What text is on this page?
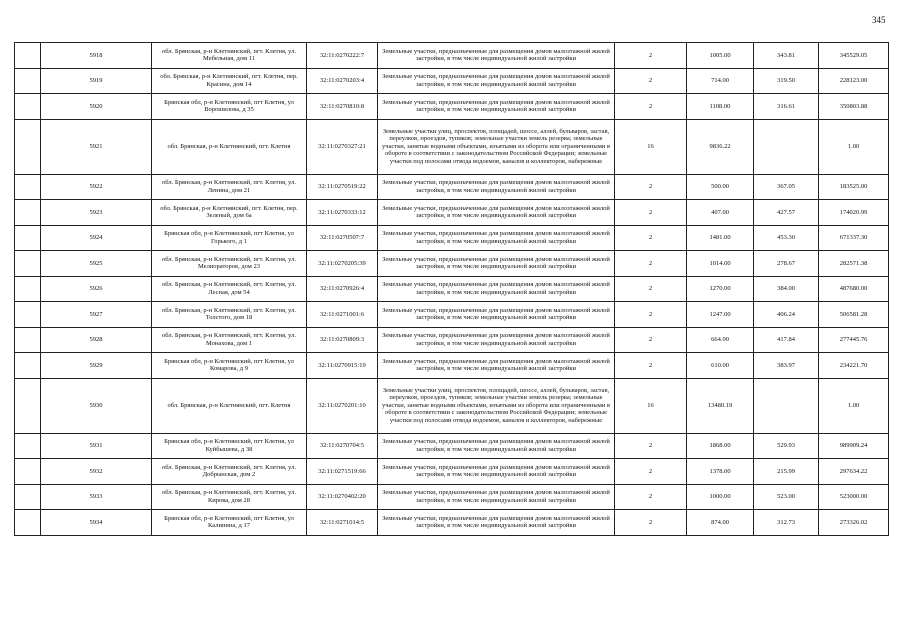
345
	5918	обл. Брянская, р-н Клетнянский, пгт. Клетня, ул. Мебельная, дом 11	32:11:0270222:7	Земельные участки, предназначенные для размещения домов малоэтажной жилой застройки, в том числе индивидуальной жилой застройки	2	1005.00	343.81	345529.05
	5919	обл. Брянская, р-н Клетнянский, пгт. Клетня, пер. Красина, дом 14	32:11:0270203:4	Земельные участки, предназначенные для размещения домов малоэтажной жилой застройки, в том числе индивидуальной жилой застройки	2	714.00	319.50	228123.00
	5920	Брянская обл, р-н Клетнянский, пгт Клетня, ул Ворошилова, д 35	32:11:0270810:8	Земельные участки, предназначенные для размещения домов малоэтажной жилой застройки, в том числе индивидуальной жилой застройки	2	1108.00	316.61	350803.88
	5921	обл. Брянская, р-н Клетнянский, пгт. Клетня	32:11:0270327:21	Земельные участки улиц, проспектов, площадей, шоссе, аллей, бульваров, застав, переулков, проездов, тупиков; земельные участки земель резерва; земельные участки, занятые водными объектами, изъятыми из оборота или ограниченными в обороте в соответствии с законодательством Российской Федерации; земельные участки под полосами отвода водоемов, каналов и коллекторов, набережные	16	9836.22		1.00
	5922	обл. Брянская, р-н Клетнянский, пгт. Клетня, ул. Ленина, дом 21	32:11:0270519:22	Земельные участки, предназначенные для размещения домов малоэтажной жилой застройки, в том числе индивидуальной жилой застройки	2	500.00	367.05	183525.00
	5923	обл. Брянская, р-н Клетнянский, пгт. Клетня, пер. Зеленый, дом 6а	32:11:0270333:12	Земельные участки, предназначенные для размещения домов малоэтажной жилой застройки, в том числе индивидуальной жилой застройки	2	407.00	427.57	174020.99
	5924	Брянская обл, р-н Клетнянский, пгт Клетня, ул Горького, д 1	32:11:0270507:7	Земельные участки, предназначенные для размещения домов малоэтажной жилой застройки, в том числе индивидуальной жилой застройки	2	1481.00	453.30	671337.30
	5925	обл. Брянская, р-н Клетнянский, пгт. Клетня, ул. Мелиораторов, дом 23	32:11:0270205:39	Земельные участки, предназначенные для размещения домов малоэтажной жилой застройки, в том числе индивидуальной жилой застройки	2	1014.00	278.67	282571.38
	5926	обл. Брянская, р-н Клетнянский, пгт. Клетня, ул. Лесная, дом 54	32:11:0270926:4	Земельные участки, предназначенные для размещения домов малоэтажной жилой застройки, в том числе индивидуальной жилой застройки	2	1270.00	384.00	487680.00
	5927	обл. Брянская, р-н Клетнянский, пгт. Клетня, ул. Толстого, дом 18	32:11:0271001:6	Земельные участки, предназначенные для размещения домов малоэтажной жилой застройки, в том числе индивидуальной жилой застройки	2	1247.00	406.24	506581.28
	5928	обл. Брянская, р-н Клетнянский, пгт. Клетня, ул. Монахова, дом 1	32:11:0270809:3	Земельные участки, предназначенные для размещения домов малоэтажной жилой застройки, в том числе индивидуальной жилой застройки	2	664.00	417.84	277445.76
	5929	Брянская обл, р-н Клетнянский, пгт Клетня, ул Комарова, д 9	32:11:0270915:19	Земельные участки, предназначенные для размещения домов малоэтажной жилой застройки, в том числе индивидуальной жилой застройки	2	610.00	383.97	234221.70
	5930	обл. Брянская, р-н Клетнянский, пгт. Клетня	32:11:0270201:10	Земельные участки улиц, проспектов, площадей, шоссе, аллей, бульваров, застав, переулков, проездов, тупиков; земельные участки земель резерва; земельные участки, занятые водными объектами, изъятыми из оборота или ограниченными в обороте в соответствии с законодательством Российской Федерации; земельные участки под полосами отвода водоемов, каналов и коллекторов, набережные	16	13480.19		1.00
	5931	Брянская обл, р-н Клетнянский, пгт Клетня, ул Куйбышева, д 38	32:11:0270704:5	Земельные участки, предназначенные для размещения домов малоэтажной жилой застройки, в том числе индивидуальной жилой застройки	2	1868.00	529.93	989909.24
	5932	обл. Брянская, р-н Клетнянский, пгт. Клетня, ул. Добрынская, дом 2	32:11:0271519:66	Земельные участки, предназначенные для размещения домов малоэтажной жилой застройки, в том числе индивидуальной жилой застройки	2	1378.00	215.99	297634.22
	5933	обл. Брянская, р-н Клетнянский, пгт. Клетня, ул. Кирова, дом 28	32:11:0270402:20	Земельные участки, предназначенные для размещения домов малоэтажной жилой застройки, в том числе индивидуальной жилой застройки	2	1000.00	523.00	523000.00
	5934	Брянская обл, р-н Клетнянский, пгт Клетня, ул Калинина, д 17	32:11:0271014:5	Земельные участки, предназначенные для размещения домов малоэтажной жилой застройки, в том числе индивидуальной жилой застройки	2	874.00	312.73	273326.02
